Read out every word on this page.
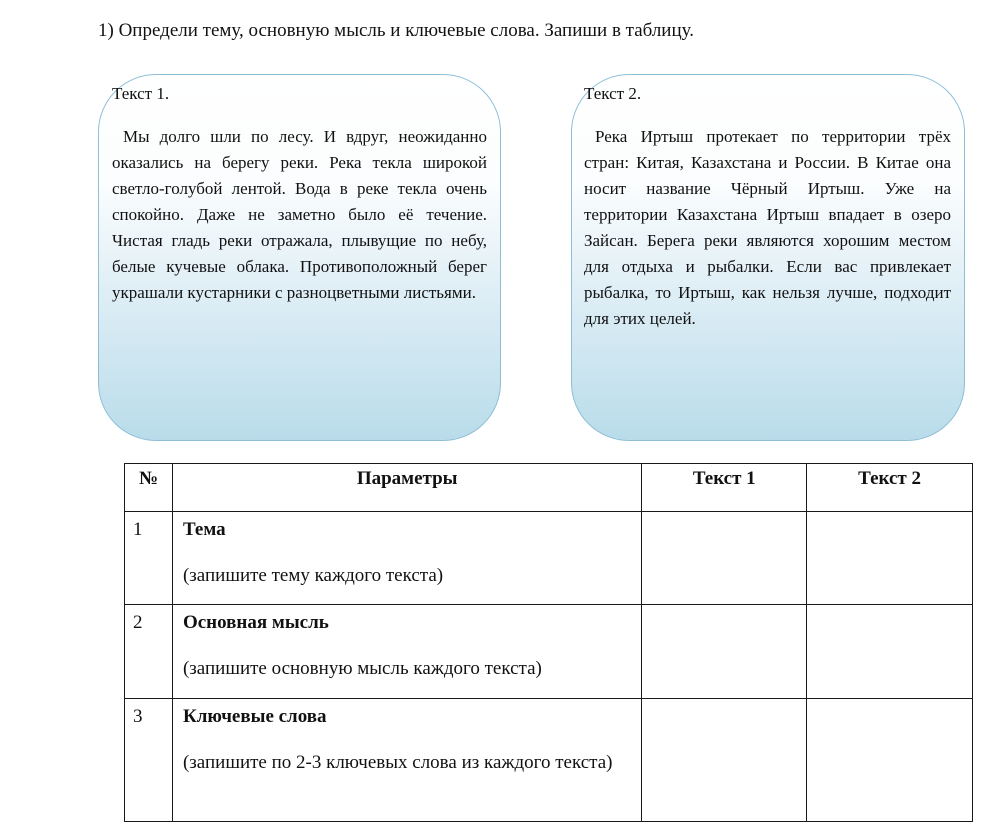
1) Определи тему, основную мысль и ключевые слова. Запиши в таблицу.
Текст 1.

Мы долго шли по лесу. И вдруг, неожиданно оказались на берегу реки. Река текла широкой светло-голубой лентой. Вода в реке текла очень спокойно. Даже не заметно было её течение. Чистая гладь реки отражала, плывущие по небу, белые кучевые облака. Противоположный берег украшали кустарники с разноцветными листьями.

Текст 2.

Река Иртыш протекает по территории трёх стран: Китая, Казахстана и России. В Китае она носит название Чёрный Иртыш. Уже на территории Казахстана Иртыш впадает в озеро Зайсан. Берега реки являются хорошим местом для отдыха и рыбалки. Если вас привлекает рыбалка, то Иртыш, как нельзя лучше, подходит для этих целей.

№	Параметры	Текст 1	Текст 2
1	Тема
(запишите тему каждого текста)		

2	Основная мысль
(запишите основную мысль каждого текста)		

3	Ключевые слова
(запишите по 2-3 ключевых слова из каждого текста)		
